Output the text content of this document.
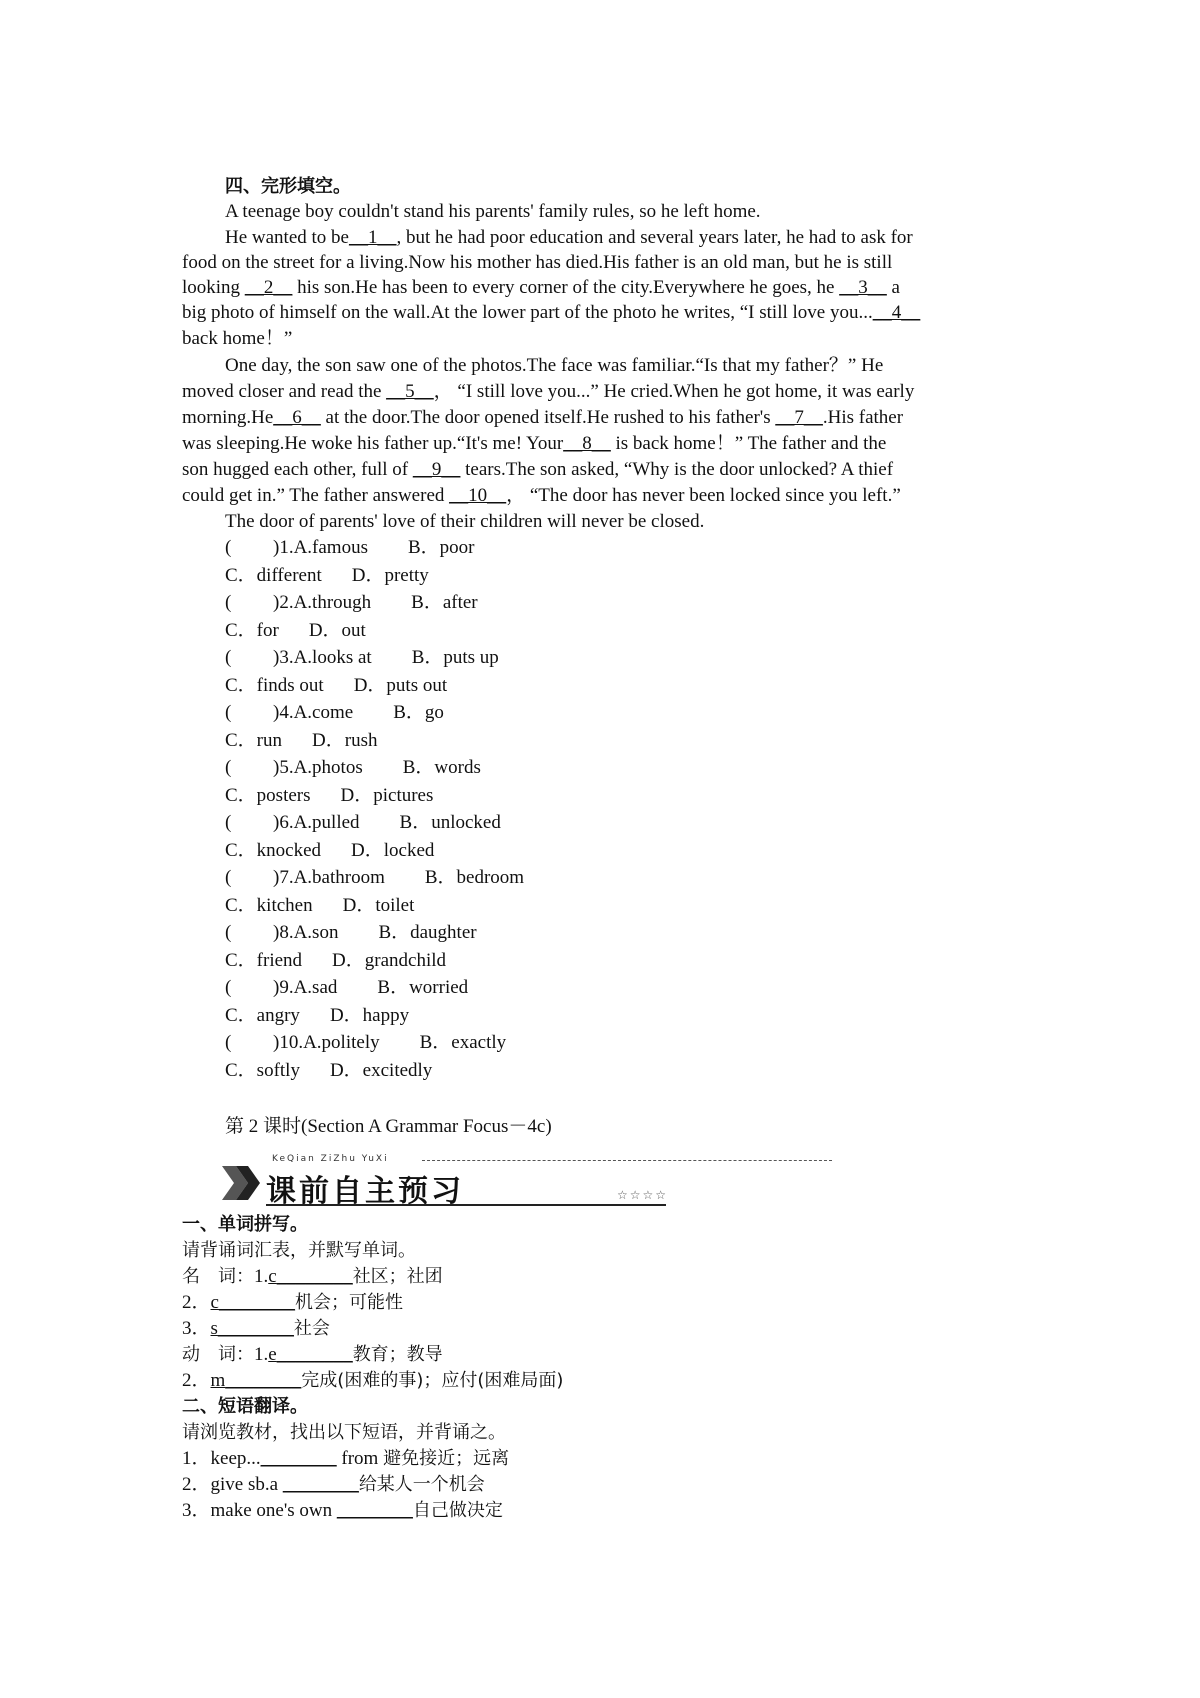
四、完形填空。
A teenage boy couldn't stand his parents' family rules, so he left home.
He wanted to be__1__, but he had poor education and several years later, he had to ask for
food on the street for a living.Now his mother has died.His father is an old man, but he is still
looking __2__ his son.He has been to every corner of the city.Everywhere he goes, he __3__ a
big photo of himself on the wall.At the lower part of the photo he writes, “I still love you...__4__
back home！”
One day, the son saw one of the photos.The face was familiar.“Is that my father？” He
moved closer and read the __5__， “I still love you...” He cried.When he got home, it was early
morning.He__6__ at the door.The door opened itself.He rushed to his father's __7__.His father
was sleeping.He woke his father up.“It's me! Your__8__ is back home！” The father and the
son hugged each other, full of __9__ tears.The son asked, “Why is the door unlocked? A thief
could get in.” The father answered __10__， “The door has never been locked since you left.”
The door of parents' love of their children will never be closed.
( )1.A.famous B．poor
C．different D．pretty
( )2.A.through B．after
C．for D．out
( )3.A.looks at B．puts up
C．finds out D．puts out
( )4.A.come B．go
C．run D．rush
( )5.A.photos B．words
C．posters D．pictures
( )6.A.pulled B．unlocked
C．knocked D．locked
( )7.A.bathroom B．bedroom
C．kitchen D．toilet
( )8.A.son B．daughter
C．friend D．grandchild
( )9.A.sad B．worried
C．angry D．happy
( )10.A.politely B．exactly
C．softly D．excitedly
第 2 课时(Section A Grammar Focus－4c)
KeQian ZiZhu YuXi
课前自主预习	☆☆☆☆
一、单词拼写。
请背诵词汇表，并默写单词。
名　词：1.c________社区；社团
2．c________机会；可能性
3．s________社会
动　词：1.e________教育；教导
2．m________完成(困难的事)；应付(困难局面)
二、短语翻译。
请浏览教材，找出以下短语，并背诵之。
1．keep...________ from 避免接近；远离
2．give sb.a ________给某人一个机会
3．make one's own ________自己做决定
